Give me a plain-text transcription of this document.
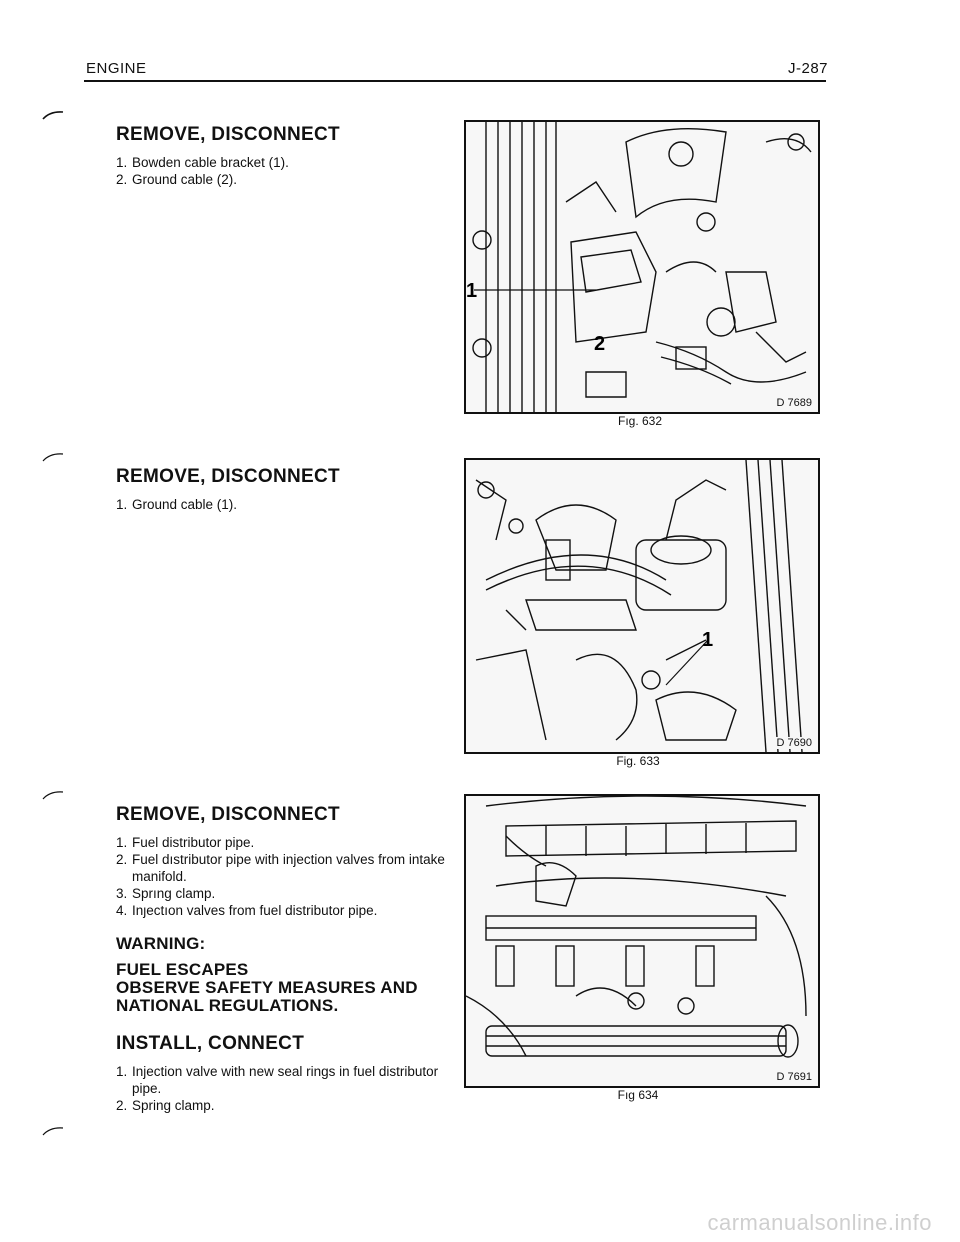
ENGINE	J-287
REMOVE, DISCONNECT
1. Bowden cable bracket (1).
2. Ground cable (2).
REMOVE, DISCONNECT
1. Ground cable (1).
REMOVE, DISCONNECT
1. Fuel distributor pipe.
2. Fuel dıstributor pipe with injection valves from intake manifold.
3. Sprıng clamp.
4. Inȷectıon valves from fuel distributor pipe.
WARNING:
FUEL ESCAPES
OBSERVE SAFETY MEASURES AND
NATIONAL REGULATIONS.
INSTALL, CONNECT
1. Injection valve with new seal rings in fuel distributor pipe.
2. Spring clamp.
1
2
D 7689
Fıg. 632
1
D 7690
Fig. 633
D 7691
Fıg 634
carmanualsonline.info
